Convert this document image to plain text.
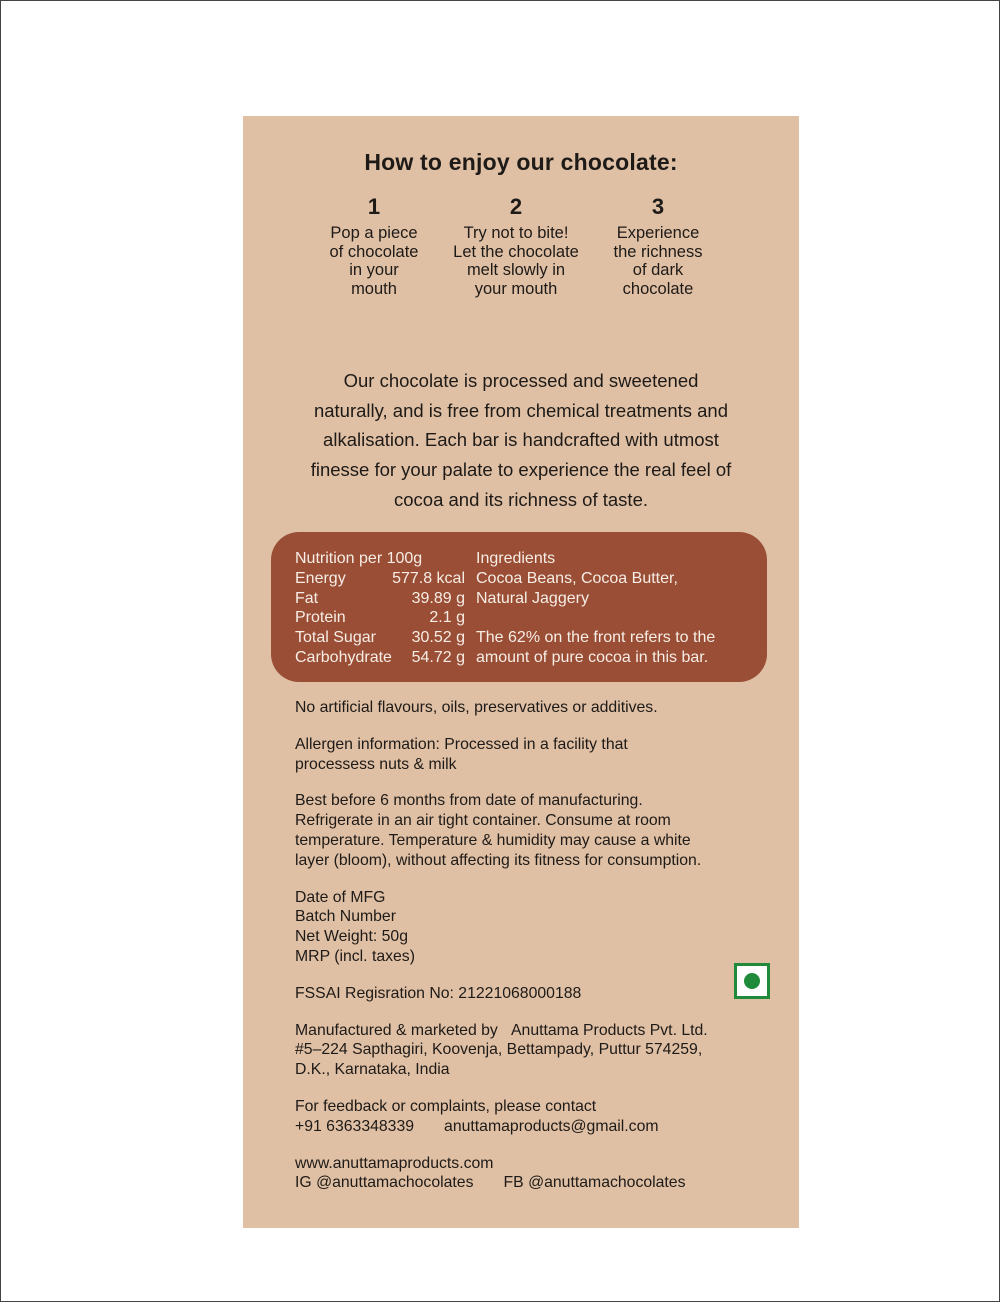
How to enjoy our chocolate:
1
Pop a piece
of chocolate
in your
mouth
2
Try not to bite!
Let the chocolate
melt slowly in
your mouth
3
Experience
the richness
of dark
chocolate
Our chocolate is processed and sweetened
naturally, and is free from chemical treatments and
alkalisation. Each bar is handcrafted with utmost
finesse for your palate to experience the real feel of
cocoa and its richness of taste.
Nutrition per 100g
Energy	577.8 kcal
Fat	39.89 g
Protein	2.1 g
Total Sugar 30.52 g
Carbohydrate 54.72 g
Ingredients
Cocoa Beans, Cocoa Butter,
Natural Jaggery
The 62% on the front refers to the
amount of pure cocoa in this bar.

No artificial flavours, oils, preservatives or additives.

Allergen information: Processed in a facility that
processess nuts & milk

Best before 6 months from date of manufacturing.
Refrigerate in an air tight container. Consume at room
temperature. Temperature & humidity may cause a white
layer (bloom), without affecting its fitness for consumption.

Date of MFG
Batch Number
Net Weight: 50g
MRP (incl. taxes)

FSSAI Regisration No: 21221068000188

Manufactured & marketed by Anuttama Products Pvt. Ltd.
#5–224 Sapthagiri, Koovenja, Bettampady, Puttur 574259,
D.K., Karnataka, India

For feedback or complaints, please contact
+91 6363348339 anuttamaproducts@gmail.com

www.anuttamaproducts.com
IG @anuttamachocolates FB @anuttamachocolates
